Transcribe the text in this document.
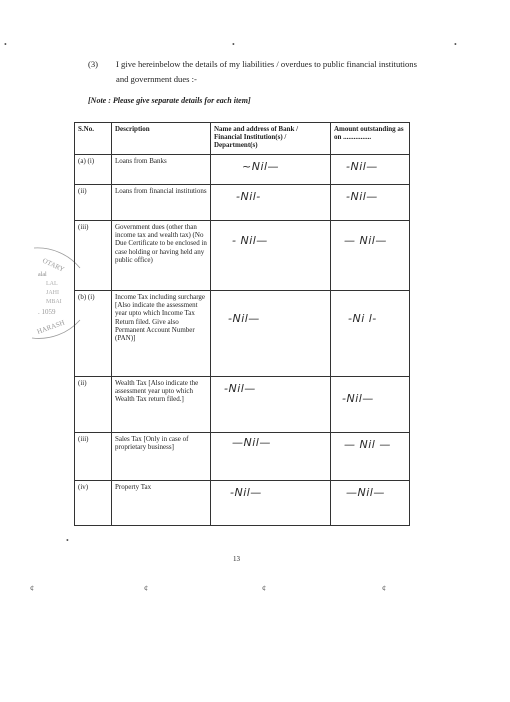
OTARY
alal
LAL
JAHI
MBAI
. 1059
HARASH
•	•	•
•
(3) I give hereinbelow the details of my liabilities / overdues to public financial institutions and government dues :-
[Note : Please give separate details for each item]
S.No.	Description	Name and address of Bank / Financial Institution(s) / Department(s)	Amount outstanding as on ................
(a) (i)	Loans from Banks	~Nil—	-Nil—

(ii)	Loans from financial institutions	-Nil-	-Nil—

(iii)	Government dues (other than income tax and wealth tax) (No Due Certificate to be enclosed in case holding or having held any public office)	- Nil—	— Nil—

(b) (i)	Income Tax including surcharge [Also indicate the assessment year upto which Income Tax Return filed. Give also Permanent Account Number (PAN)]	-Nil—	-Ni l-

(ii)	Wealth Tax [Also indicate the assessment year upto which Wealth Tax return filed.]	-Nil—	-Nil—

(iii)	Sales Tax [Only in case of proprietary business]	—Nil—	— Nil —

(iv)	Property Tax	-Nil—	—Nil—
13
¢	¢	¢	¢
